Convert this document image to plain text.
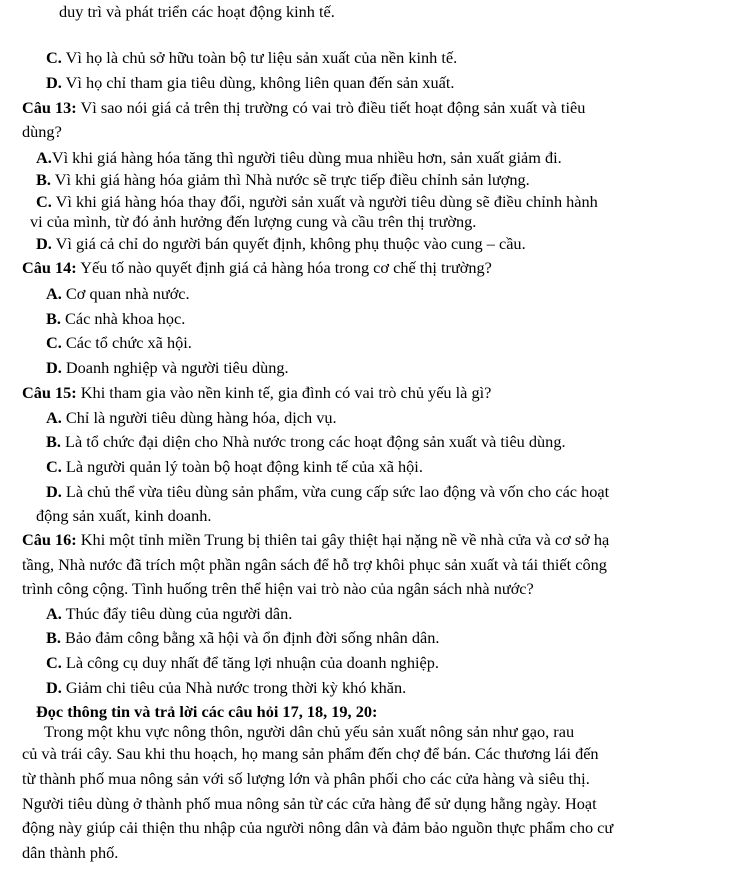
duy trì và phát triển các hoạt động kinh tế.
C. Vì họ là chủ sở hữu toàn bộ tư liệu sản xuất của nền kinh tế.
D. Vì họ chỉ tham gia tiêu dùng, không liên quan đến sản xuất.
Câu 13: Vì sao nói giá cả trên thị trường có vai trò điều tiết hoạt động sản xuất và tiêu
dùng?
A.Vì khi giá hàng hóa tăng thì người tiêu dùng mua nhiều hơn, sản xuất giảm đi.
B. Vì khi giá hàng hóa giảm thì Nhà nước sẽ trực tiếp điều chỉnh sản lượng.
C. Vì khi giá hàng hóa thay đổi, người sản xuất và người tiêu dùng sẽ điều chỉnh hành
vi của mình, từ đó ảnh hưởng đến lượng cung và cầu trên thị trường.
D. Vì giá cả chỉ do người bán quyết định, không phụ thuộc vào cung – cầu.
Câu 14: Yếu tố nào quyết định giá cả hàng hóa trong cơ chế thị trường?
A. Cơ quan nhà nước.
B. Các nhà khoa học.
C. Các tổ chức xã hội.
D. Doanh nghiệp và người tiêu dùng.
Câu 15: Khi tham gia vào nền kinh tế, gia đình có vai trò chủ yếu là gì?
A. Chỉ là người tiêu dùng hàng hóa, dịch vụ.
B. Là tổ chức đại diện cho Nhà nước trong các hoạt động sản xuất và tiêu dùng.
C. Là người quản lý toàn bộ hoạt động kinh tế của xã hội.
D. Là chủ thể vừa tiêu dùng sản phẩm, vừa cung cấp sức lao động và vốn cho các hoạt
động sản xuất, kinh doanh.
Câu 16: Khi một tỉnh miền Trung bị thiên tai gây thiệt hại nặng nề về nhà cửa và cơ sở hạ
tầng, Nhà nước đã trích một phần ngân sách để hỗ trợ khôi phục sản xuất và tái thiết công
trình công cộng. Tình huống trên thể hiện vai trò nào của ngân sách nhà nước?
A. Thúc đẩy tiêu dùng của người dân.
B. Bảo đảm công bằng xã hội và ổn định đời sống nhân dân.
C. Là công cụ duy nhất để tăng lợi nhuận của doanh nghiệp.
D. Giảm chi tiêu của Nhà nước trong thời kỳ khó khăn.
Đọc thông tin và trả lời các câu hỏi 17, 18, 19, 20:
Trong một khu vực nông thôn, người dân chủ yếu sản xuất nông sản như gạo, rau
củ và trái cây. Sau khi thu hoạch, họ mang sản phẩm đến chợ để bán. Các thương lái đến
từ thành phố mua nông sản với số lượng lớn và phân phối cho các cửa hàng và siêu thị.
Người tiêu dùng ở thành phố mua nông sản từ các cửa hàng để sử dụng hằng ngày. Hoạt
động này giúp cải thiện thu nhập của người nông dân và đảm bảo nguồn thực phẩm cho cư
dân thành phố.
